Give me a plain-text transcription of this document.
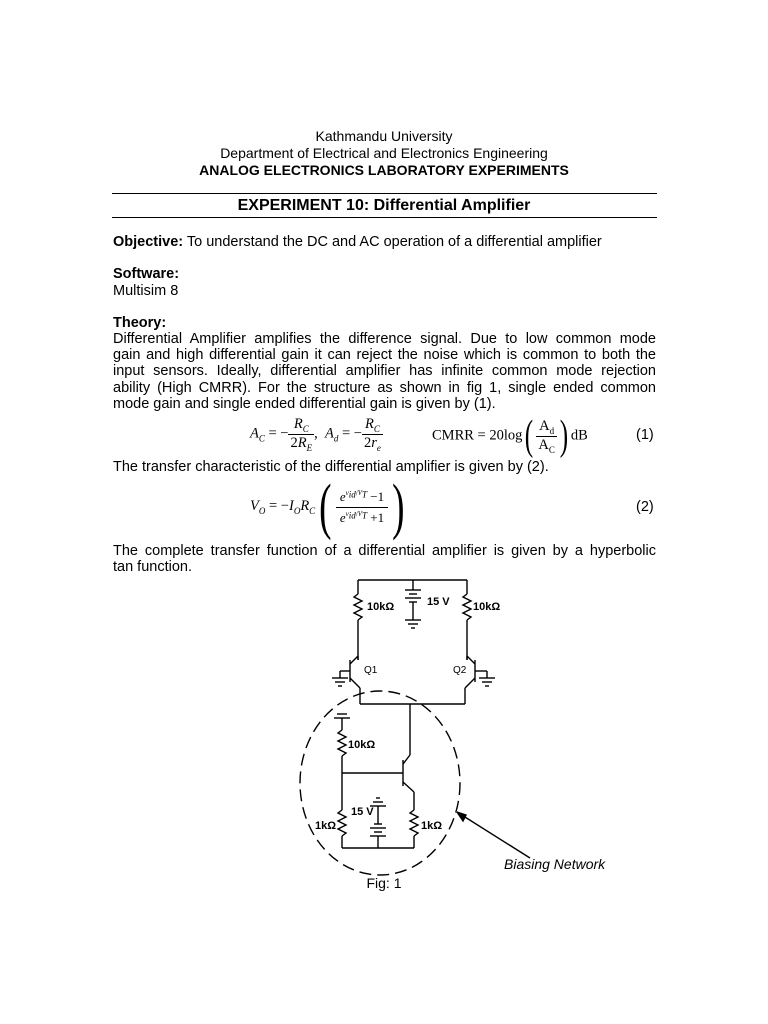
Kathmandu University
Department of Electrical and Electronics Engineering
ANALOG ELECTRONICS LABORATORY EXPERIMENTS
EXPERIMENT 10: Differential Amplifier
Objective: To understand the DC and AC operation of a differential amplifier
Software:
Multisim 8
Theory:
Differential Amplifier amplifies the difference signal. Due to low common mode
gain and high differential gain it can reject the noise which is common to both the
input sensors. Ideally, differential amplifier has infinite common mode rejection
ability (High CMRR). For the structure as shown in fig 1, single ended common
mode gain and single ended differential gain is given by (1).
$A_C$ = − $\frac{R_C}{2R_E}$ ,  $A_d$ = − $\frac{R_C}{2r_e}$	CMRR = $20\log( \frac{A_d}{A_C}$ ) dB	(1)
The transfer characteristic of the differential amplifier is given by (2).
$V_O = -I_OR_C( \frac{e^{v_{id}/V_T} -1}{e^{v_{id}/V_T} +1}$ )	(2)
The complete transfer function of a differential amplifier is given by a hyperbolic
tan function.
10kΩ	15 V 10kΩ
Q1	Q2
10kΩ
15 V
1kΩ	1kΩ
Biasing Network
Fig: 1
